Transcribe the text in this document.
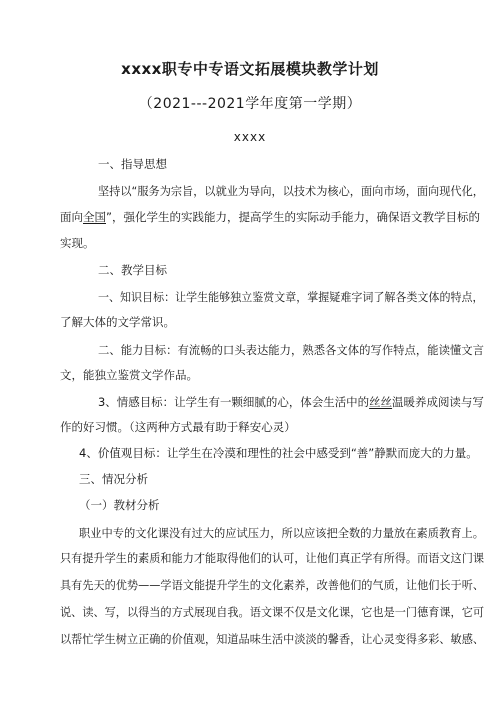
xxxx职专中专语文拓展模块教学计划
（2021---2021学年度第一学期）
xxxx
一、指导思想
坚持以“服务为宗旨，以就业为导向，以技术为核心，面向市场，面向现代化，
面向全国”，强化学生的实践能力，提高学生的实际动手能力，确保语文教学目标的
实现。
二、教学目标
一、知识目标：让学生能够独立鉴赏文章，掌握疑难字词了解各类文体的特点，
了解大体的文学常识。
二、能力目标：有流畅的口头表达能力，熟悉各文体的写作特点，能读懂文言
文，能独立鉴赏文学作品。
3、情感目标：让学生有一颗细腻的心，体会生活中的丝丝温暖养成阅读与写
作的好习惯。（这两种方式最有助于释安心灵）
4、价值观目标：让学生在冷漠和理性的社会中感受到“善”静默而庞大的力量。
三、情况分析
（一）教材分析
职业中专的文化课没有过大的应试压力，所以应该把全数的力量放在素质教育上。
只有提升学生的素质和能力才能取得他们的认可，让他们真正学有所得。而语文这门课
具有先天的优势——学语文能提升学生的文化素养，改善他们的气质，让他们长于听、
说、读、写，以得当的方式展现自我。语文课不仅是文化课，它也是一门德育课，它可
以帮忙学生树立正确的价值观，知道品味生活中淡淡的馨香，让心灵变得多彩、敏感、
